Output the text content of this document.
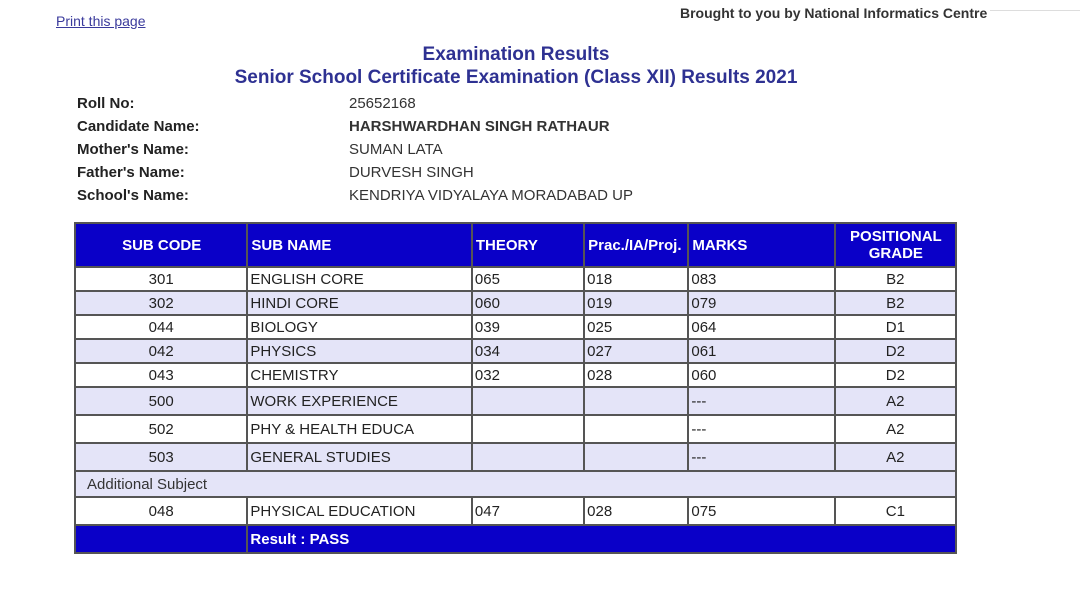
Print this page	Brought to you by National Informatics Centre
Examination Results
Senior School Certificate Examination (Class XII) Results 2021
Roll No:	25652168
Candidate Name:	HARSHWARDHAN SINGH RATHAUR
Mother's Name:	SUMAN LATA
Father's Name:	DURVESH SINGH
School's Name:	KENDRIYA VIDYALAYA MORADABAD UP
SUB CODE	SUB NAME	THEORY	Prac./IA/Proj.	MARKS	POSITIONAL
GRADE
301	ENGLISH CORE	065	018	083	B2
302	HINDI CORE	060	019	079	B2
044	BIOLOGY	039	025	064	D1
042	PHYSICS	034	027	061	D2
043	CHEMISTRY	032	028	060	D2
500	WORK EXPERIENCE			---	A2
502	PHY & HEALTH EDUCA			---	A2
503	GENERAL STUDIES			---	A2
Additional Subject					
048	PHYSICAL EDUCATION	047	028	075	C1
	Result : PASS				
